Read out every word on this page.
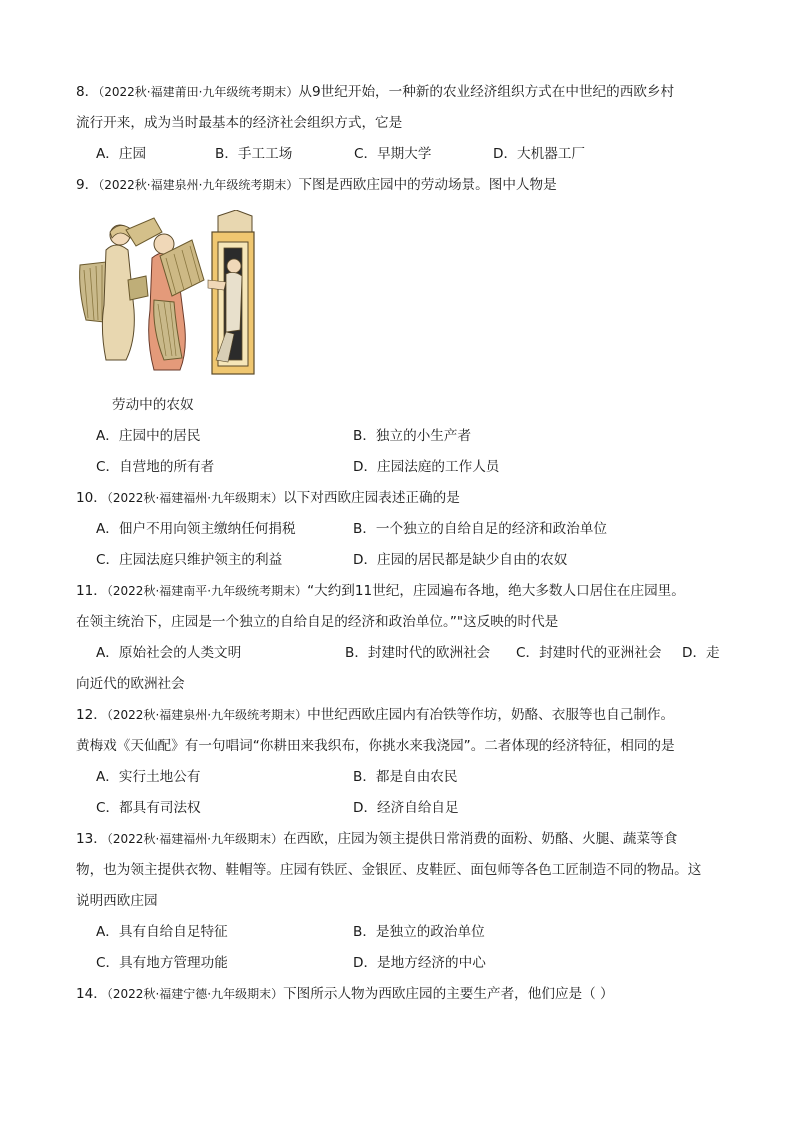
8．（2022秋·福建莆田·九年级统考期末）从9世纪开始，一种新的农业经济组织方式在中世纪的西欧乡村
流行开来，成为当时最基本的经济社会组织方式，它是
A．庄园	B．手工工场	C．早期大学	D．大机器工厂
9．（2022秋·福建泉州·九年级统考期末）下图是西欧庄园中的劳动场景。图中人物是
劳动中的农奴
A．庄园中的居民	B．独立的小生产者
C．自营地的所有者	D．庄园法庭的工作人员
10．（2022秋·福建福州·九年级期末）以下对西欧庄园表述正确的是
A．佃户不用向领主缴纳任何捐税	B．一个独立的自给自足的经济和政治单位
C．庄园法庭只维护领主的利益	D．庄园的居民都是缺少自由的农奴
11．（2022秋·福建南平·九年级统考期末）“大约到11世纪，庄园遍布各地，绝大多数人口居住在庄园里。
在领主统治下，庄园是一个独立的自给自足的经济和政治单位。”"这反映的时代是
A．原始社会的人类文明	B．封建时代的欧洲社会 C．封建时代的亚洲社会 D．走
向近代的欧洲社会
12．（2022秋·福建泉州·九年级统考期末）中世纪西欧庄园内有冶铁等作坊，奶酪、衣服等也自己制作。
黄梅戏《天仙配》有一句唱词“你耕田来我织布，你挑水来我浇园”。二者体现的经济特征，相同的是
A．实行土地公有	B．都是自由农民
C．都具有司法权	D．经济自给自足
13．（2022秋·福建福州·九年级期末）在西欧，庄园为领主提供日常消费的面粉、奶酪、火腿、蔬菜等食
物，也为领主提供衣物、鞋帽等。庄园有铁匠、金银匠、皮鞋匠、面包师等各色工匠制造不同的物品。这
说明西欧庄园
A．具有自给自足特征	B．是独立的政治单位
C．具有地方管理功能	D．是地方经济的中心
14．（2022秋·福建宁德·九年级期末）下图所示人物为西欧庄园的主要生产者，他们应是（ ）
